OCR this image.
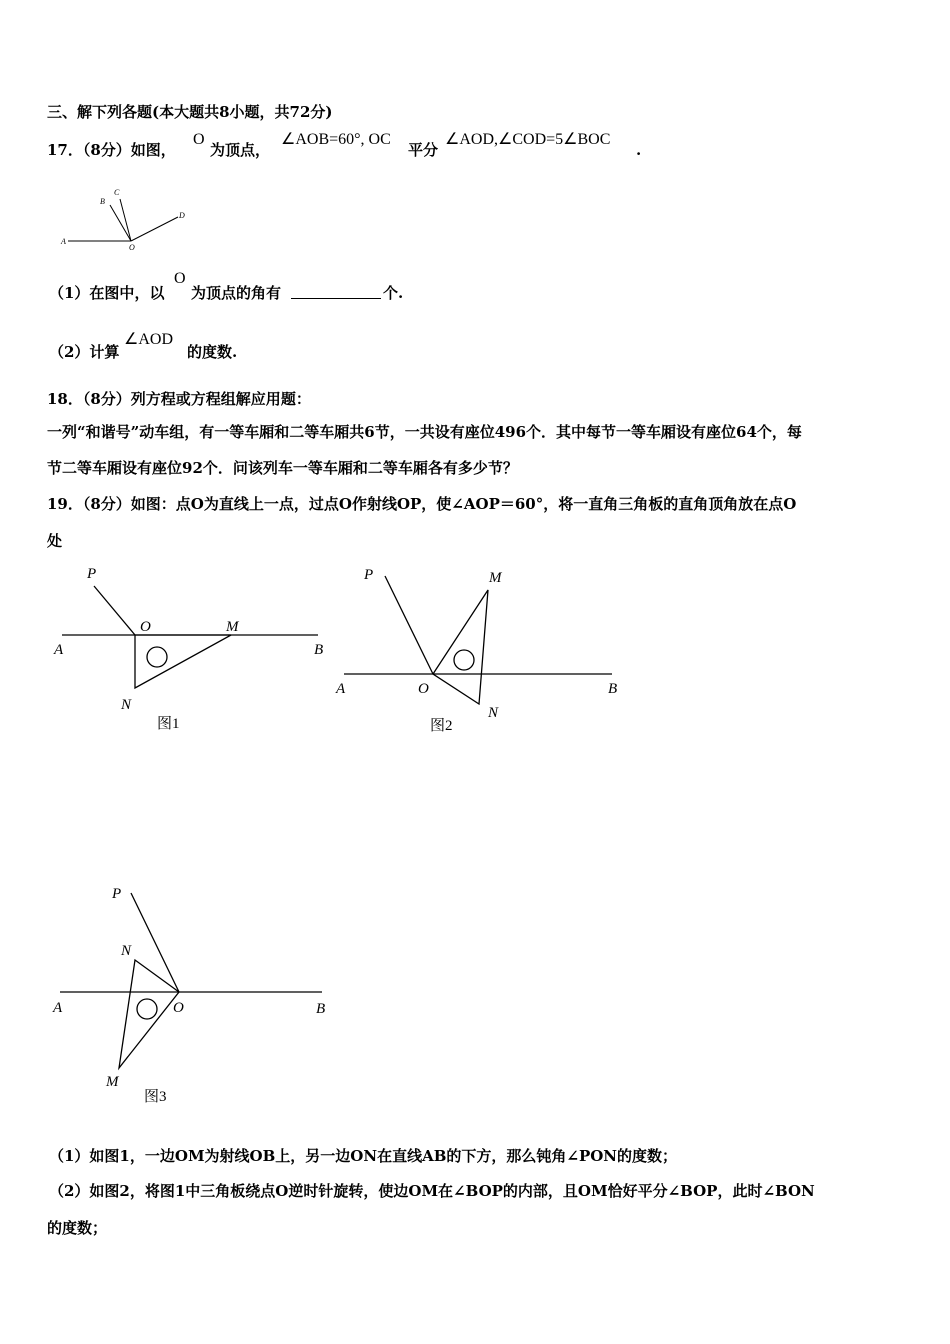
三、解下列各题(本大题共8小题，共72分)
17．（8分）如图，
O
为顶点，
∠AOB=60°, OC
平分
∠AOD,∠COD=5∠BOC
.
A
B
C
D
O
P
O	M
A	B
N
图1
P	M
A	O	B
N
图2
P
N
A	O	B
M
图3
（1）在图中，以
O
为顶点的角有	个.
（2）计算
∠AOD
的度数.
18．（8分）列方程或方程组解应用题：
一列“和谐号”动车组，有一等车厢和二等车厢共6节，一共设有座位496个．其中每节一等车厢设有座位64个，每
节二等车厢设有座位92个．问该列车一等车厢和二等车厢各有多少节？
19．（8分）如图：点O为直线上一点，过点O作射线OP，使∠AOP＝60°，将一直角三角板的直角顶角放在点O
处
（1）如图1，一边OM为射线OB上，另一边ON在直线AB的下方，那么钝角∠PON的度数；
（2）如图2，将图1中三角板绕点O逆时针旋转，使边OM在∠BOP的内部，且OM恰好平分∠BOP，此时∠BON
的度数；
